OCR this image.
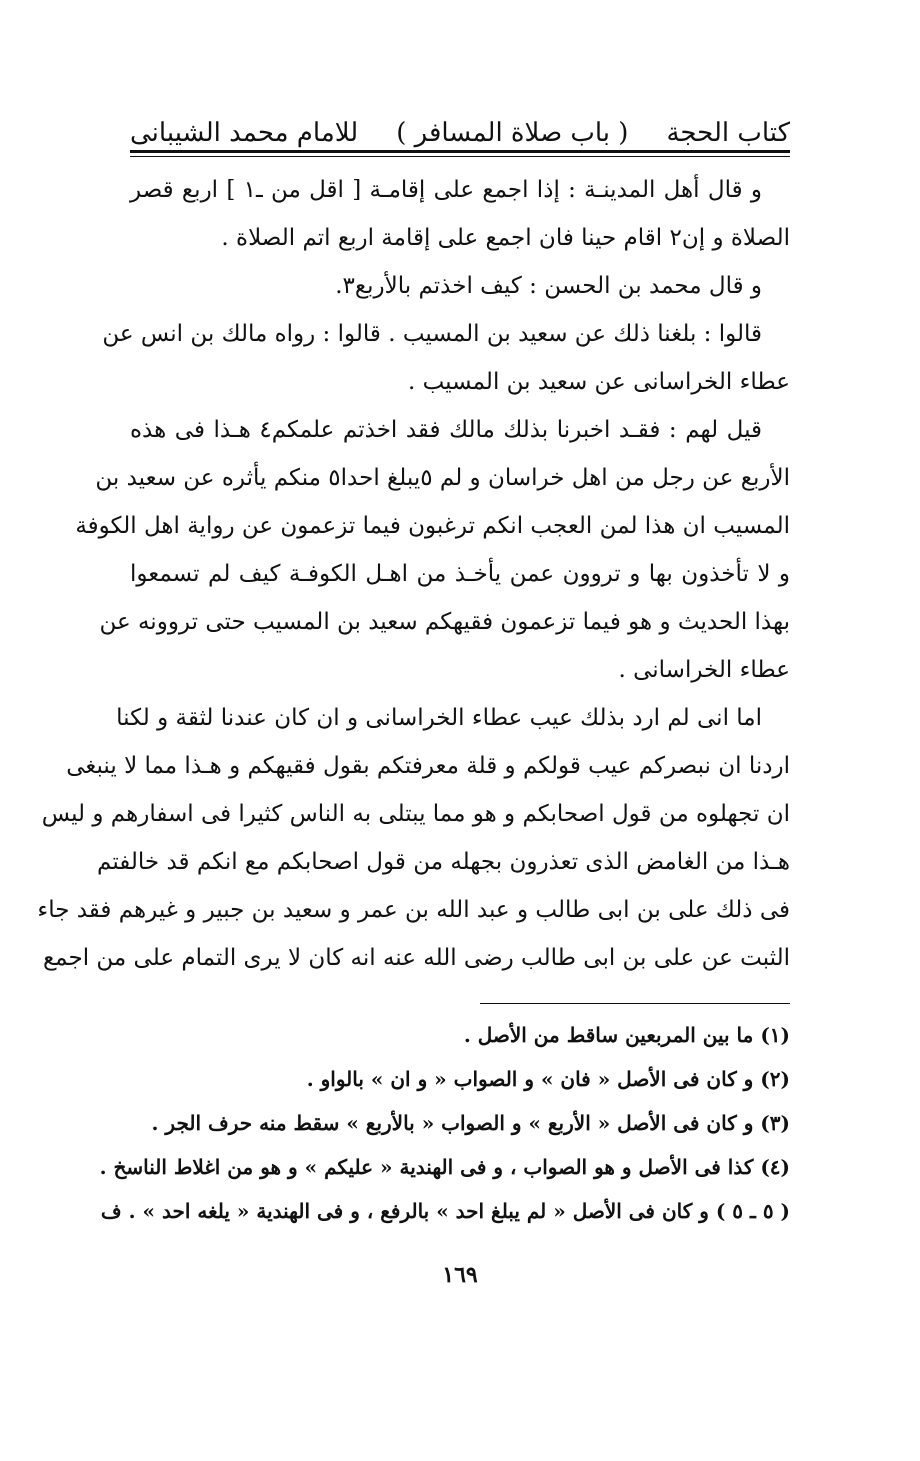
كتاب الحجة
( باب صلاة المسافر )
للامام محمد الشيبانى
و قال أهل المدينـة : إذا اجمع على إقامـة [ اقل من ـ١ ] اربع قصر
الصلاة و إن٢ اقام حينا فان اجمع على إقامة اربع اتم الصلاة .
و قال محمد بن الحسن : كيف اخذتم بالأربع٣.
قالوا : بلغنا ذلك عن سعيد بن المسيب . قالوا : رواه مالك بن انس عن
عطاء الخراسانى عن سعيد بن المسيب .
قيل لهم : فقـد اخبرنا بذلك مالك فقد اخذتم علمكم٤ هـذا فى هذه
الأربع عن رجل من اهل خراسان و لم ٥يبلغ احدا٥ منكم يأثره عن سعيد بن
المسيب ان هذا لمن العجب انكم ترغبون فيما تزعمون عن رواية اهل الكوفة
و لا تأخذون بها و تروون عمن يأخـذ من اهـل الكوفـة كيف لم تسمعوا
بهذا الحديث و هو فيما تزعمون فقيهكم سعيد بن المسيب حتى تروونه عن
عطاء الخراسانى .
اما انى لم ارد بذلك عيب عطاء الخراسانى و ان كان عندنا لثقة و لكنا
اردنا ان نبصركم عيب قولكم و قلة معرفتكم بقول فقيهكم و هـذا مما لا ينبغى
ان تجهلوه من قول اصحابكم و هو مما يبتلى به الناس كثيرا فى اسفارهم و ليس
هـذا من الغامض الذى تعذرون بجهله من قول اصحابكم مع انكم قد خالفتم
فى ذلك على بن ابى طالب و عبد الله بن عمر و سعيد بن جبير و غيرهم فقد جاء
الثبت عن على بن ابى طالب رضى الله عنه انه كان لا يرى التمام على من اجمع
(١) ما بين المربعين ساقط من الأصل .
(٢) و كان فى الأصل « فان » و الصواب « و ان » بالواو .
(٣) و كان فى الأصل « الأربع » و الصواب « بالأربع » سقط منه حرف الجر .
(٤) كذا فى الأصل و هو الصواب ، و فى الهندية « عليكم » و هو من اغلاط الناسخ .
( ٥ ـ ٥ ) و كان فى الأصل « لم يبلغ احد » بالرفع ، و فى الهندية « يلغه احد » . ف
١٦٩
